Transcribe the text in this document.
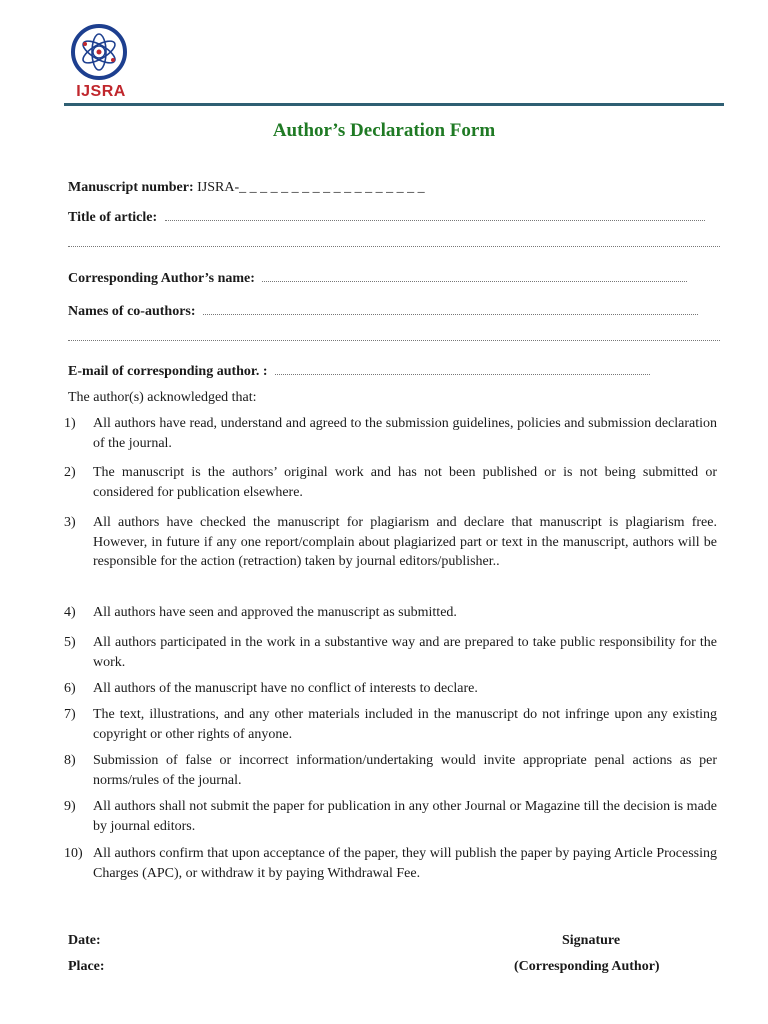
IJSRA
Author’s Declaration Form
Manuscript number: IJSRA-_ _ _ _ _ _ _ _ _ _ _ _ _ _ _ _ _ _
Title of article:
Corresponding Author’s name:
Names of co-authors:
E-mail of corresponding author. :
The author(s) acknowledged that:
1)	All authors have read, understand and agreed to the submission guidelines, policies and submission declaration of the journal.
2)	The manuscript is the authors’ original work and has not been published or is not being submitted or considered for publication elsewhere.
3)	All authors have checked the manuscript for plagiarism and declare that manuscript is plagiarism free. However, in future if any one report/complain about plagiarized part or text in the manuscript, authors will be responsible for the action (retraction) taken by journal editors/publisher..
4)	All authors have seen and approved the manuscript as submitted.
5)	All authors participated in the work in a substantive way and are prepared to take public responsibility for the work.
6)	All authors of the manuscript have no conflict of interests to declare.
7)	The text, illustrations, and any other materials included in the manuscript do not infringe upon any existing copyright or other rights of anyone.
8)	Submission of false or incorrect information/undertaking would invite appropriate penal actions as per norms/rules of the journal.
9)	All authors shall not submit the paper for publication in any other Journal or Magazine till the decision is made by journal editors.
10) All authors confirm that upon acceptance of the paper, they will publish the paper by paying Article Processing Charges (APC), or withdraw it by paying Withdrawal Fee.
Date:
Place:
Signature
(Corresponding Author)
